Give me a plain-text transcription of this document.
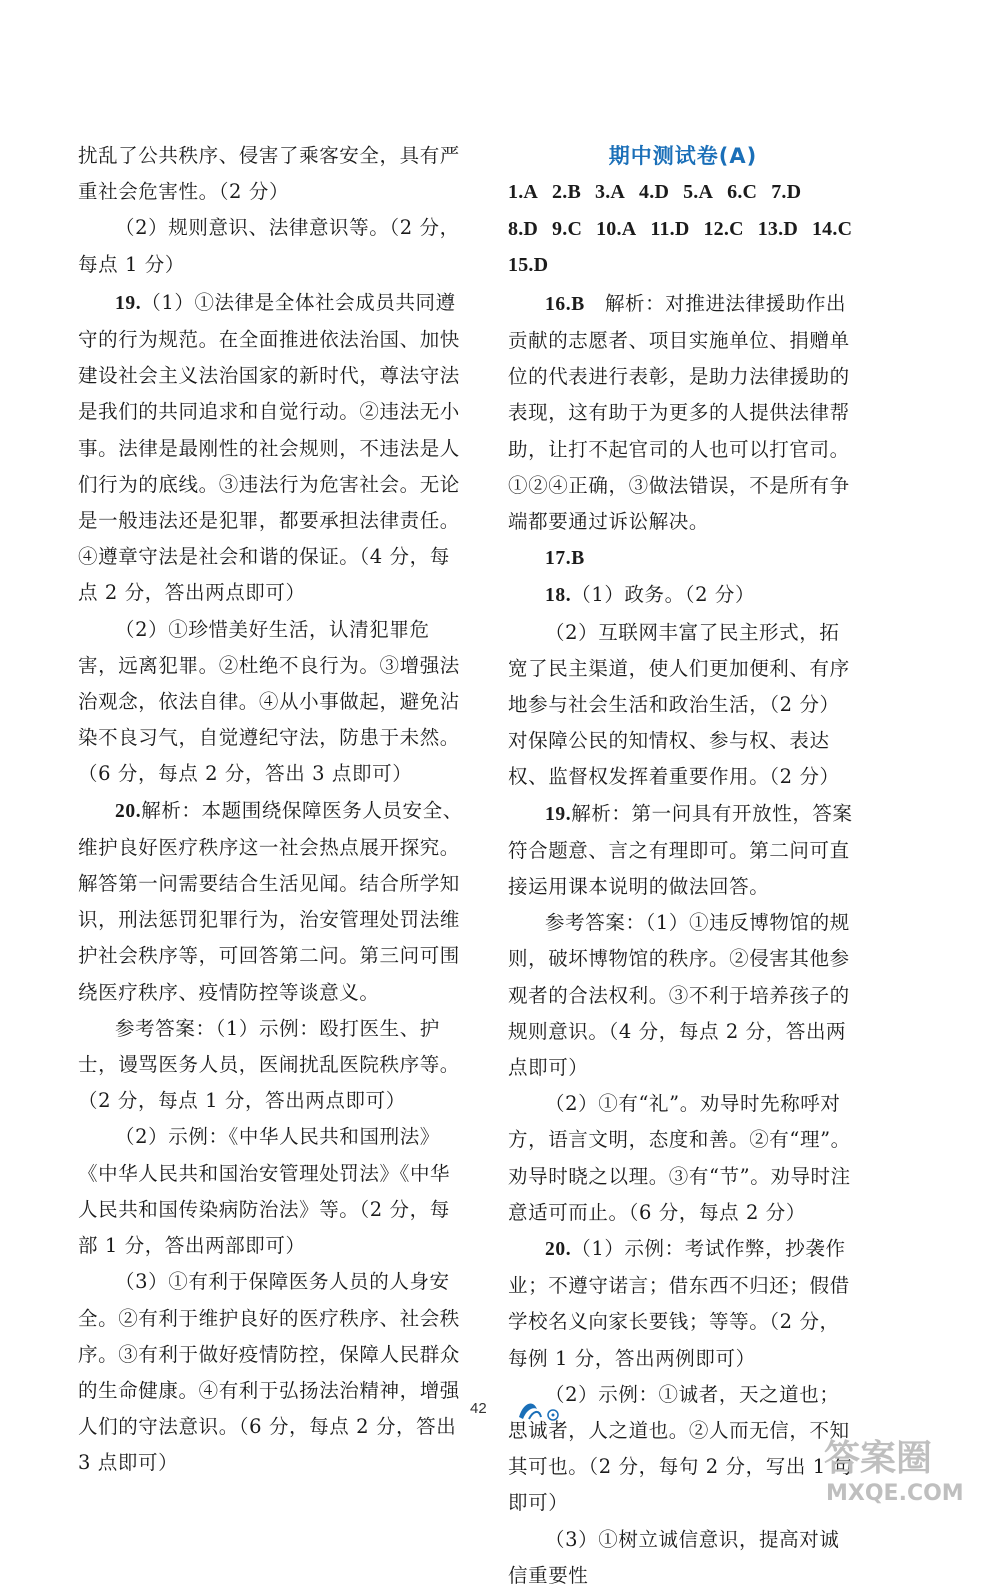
扰乱了公共秩序、侵害了乘客安全，具有严重社会危害性。（2 分）

（2）规则意识、法律意识等。（2 分，每点 1 分）

19.（1）①法律是全体社会成员共同遵守的行为规范。在全面推进依法治国、加快建设社会主义法治国家的新时代，尊法守法是我们的共同追求和自觉行动。②违法无小事。法律是最刚性的社会规则，不违法是人们行为的底线。③违法行为危害社会。无论是一般违法还是犯罪，都要承担法律责任。④遵章守法是社会和谐的保证。（4 分，每点 2 分，答出两点即可）

（2）①珍惜美好生活，认清犯罪危害，远离犯罪。②杜绝不良行为。③增强法治观念，依法自律。④从小事做起，避免沾染不良习气，自觉遵纪守法，防患于未然。（6 分，每点 2 分，答出 3 点即可）

20.解析：本题围绕保障医务人员安全、维护良好医疗秩序这一社会热点展开探究。解答第一问需要结合生活见闻。结合所学知识，刑法惩罚犯罪行为，治安管理处罚法维护社会秩序等，可回答第二问。第三问可围绕医疗秩序、疫情防控等谈意义。

参考答案：（1）示例：殴打医生、护士，谩骂医务人员，医闹扰乱医院秩序等。（2 分，每点 1 分，答出两点即可）

（2）示例：《中华人民共和国刑法》《中华人民共和国治安管理处罚法》《中华人民共和国传染病防治法》等。（2 分，每部 1 分，答出两部即可）

（3）①有利于保障医务人员的人身安全。②有利于维护良好的医疗秩序、社会秩序。③有利于做好疫情防控，保障人民群众的生命健康。④有利于弘扬法治精神，增强人们的守法意识。（6 分，每点 2 分，答出 3 点即可）

期中测试卷(A)
1.A 2.B 3.A 4.D 5.A 6.C 7.D
8.D 9.C 10.A 11.D 12.C 13.D 14.C
15.D

16.B　解析：对推进法律援助作出贡献的志愿者、项目实施单位、捐赠单位的代表进行表彰，是助力法律援助的表现，这有助于为更多的人提供法律帮助，让打不起官司的人也可以打官司。①②④正确，③做法错误，不是所有争端都要通过诉讼解决。

17.B

18.（1）政务。（2 分）

（2）互联网丰富了民主形式，拓宽了民主渠道，使人们更加便利、有序地参与社会生活和政治生活，（2 分）对保障公民的知情权、参与权、表达权、监督权发挥着重要作用。（2 分）

19.解析：第一问具有开放性，答案符合题意、言之有理即可。第二问可直接运用课本说明的做法回答。

参考答案：（1）①违反博物馆的规则，破坏博物馆的秩序。②侵害其他参观者的合法权利。③不利于培养孩子的规则意识。（4 分，每点 2 分，答出两点即可）

（2）①有“礼”。劝导时先称呼对方，语言文明，态度和善。②有“理”。劝导时晓之以理。③有“节”。劝导时注意适可而止。（6 分，每点 2 分）

20.（1）示例：考试作弊，抄袭作业；不遵守诺言；借东西不归还；假借学校名义向家长要钱；等等。（2 分，每例 1 分，答出两例即可）

（2）示例：①诚者，天之道也；思诚者，人之道也。②人而无信，不知其可也。（2 分，每句 2 分，写出 1 句即可）

（3）①树立诚信意识，提高对诚信重要性

42
答案圈
MXQE.COM
